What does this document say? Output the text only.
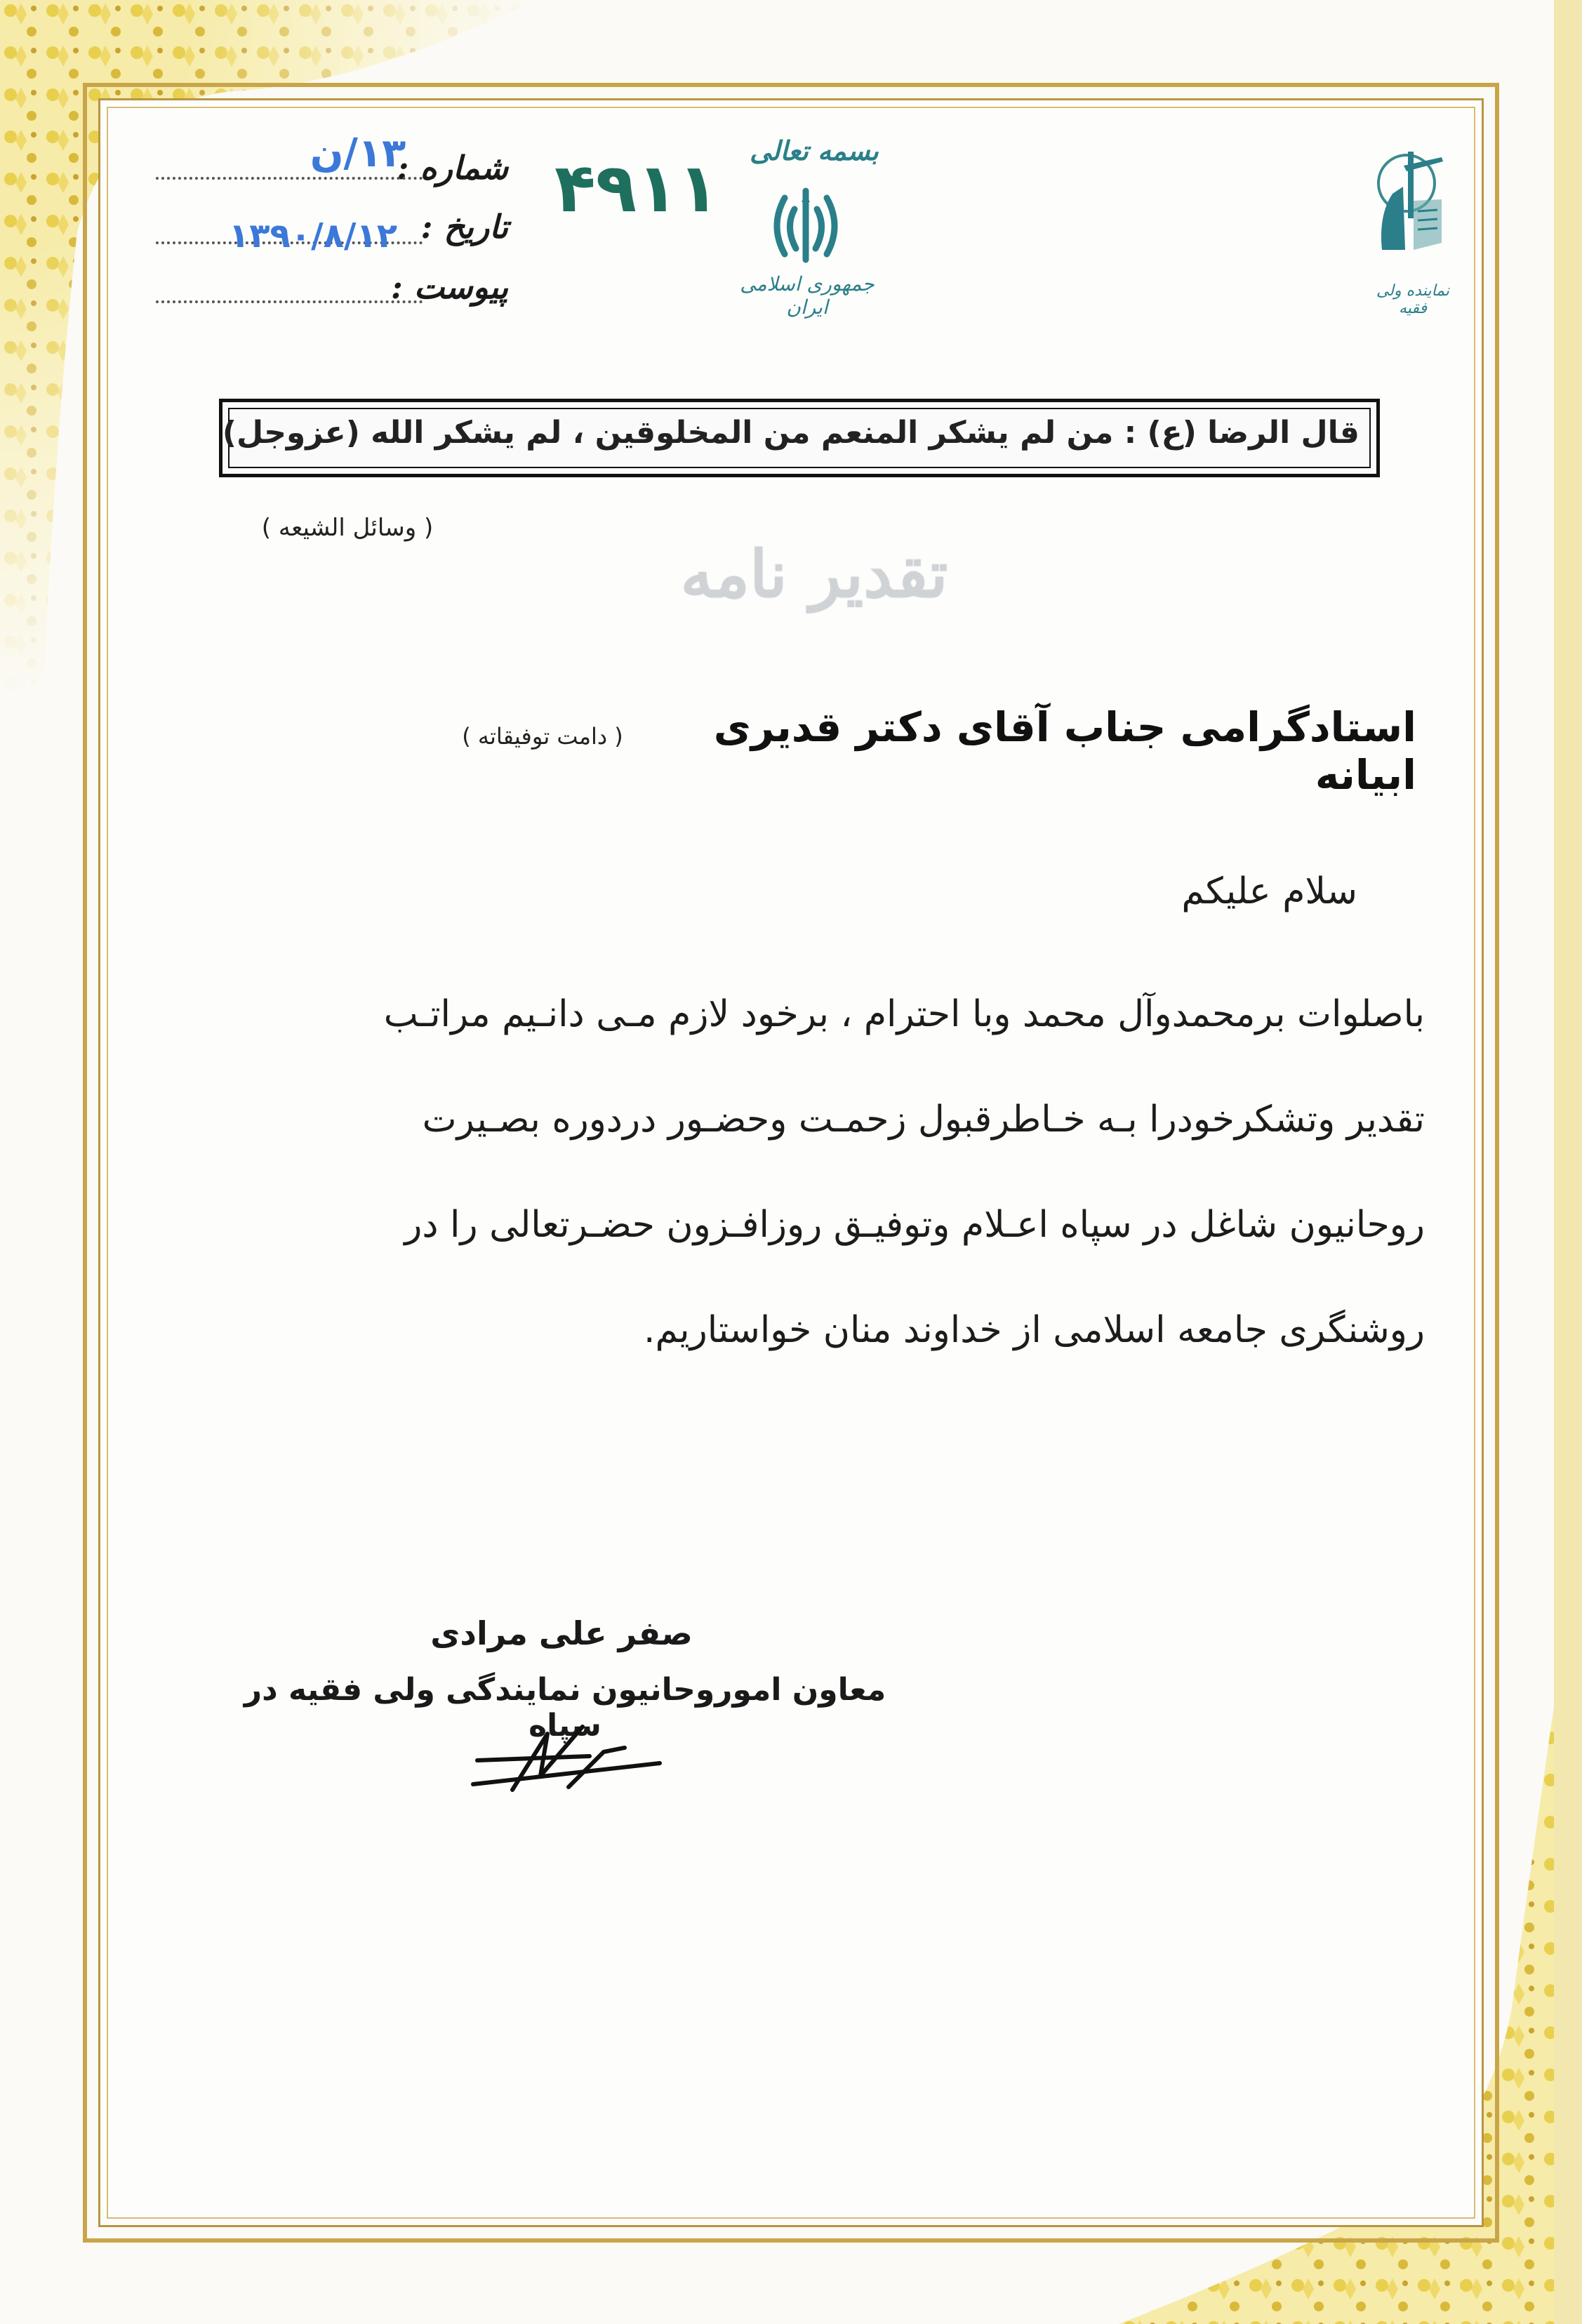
شماره :
۱۳/ن
تاریخ :
۱۳۹۰/۸/۱۲
پیوست :
۴۹۱۱ بسمه تعالی
جمهوری اسلامی ایران
نماینده ولی فقیه
قال الرضا (ع) : من لم یشکر المنعم من المخلوقین ، لم یشکر الله (عزوجل)
( وسائل الشیعه )
تقدیر نامه
استادگرامی جناب آقای دکتر قدیری ابیانه
( دامت توفیقاته )
سلام علیکم
باصلوات برمحمدوآل محمد وبا احترام ، برخود لازم مـی دانـیم مراتـب
تقدیر وتشکرخودرا بـه خـاطرقبول زحمـت وحضـور دردوره بصـیرت
روحانیون شاغل در سپاه اعـلام وتوفیـق روزافـزون حضـرتعالی را در
روشنگری جامعه اسلامی از خداوند منان خواستاریم.
صفر علی مرادی
معاون اموروحانیون نمایندگی ولی فقیه در سپاه
